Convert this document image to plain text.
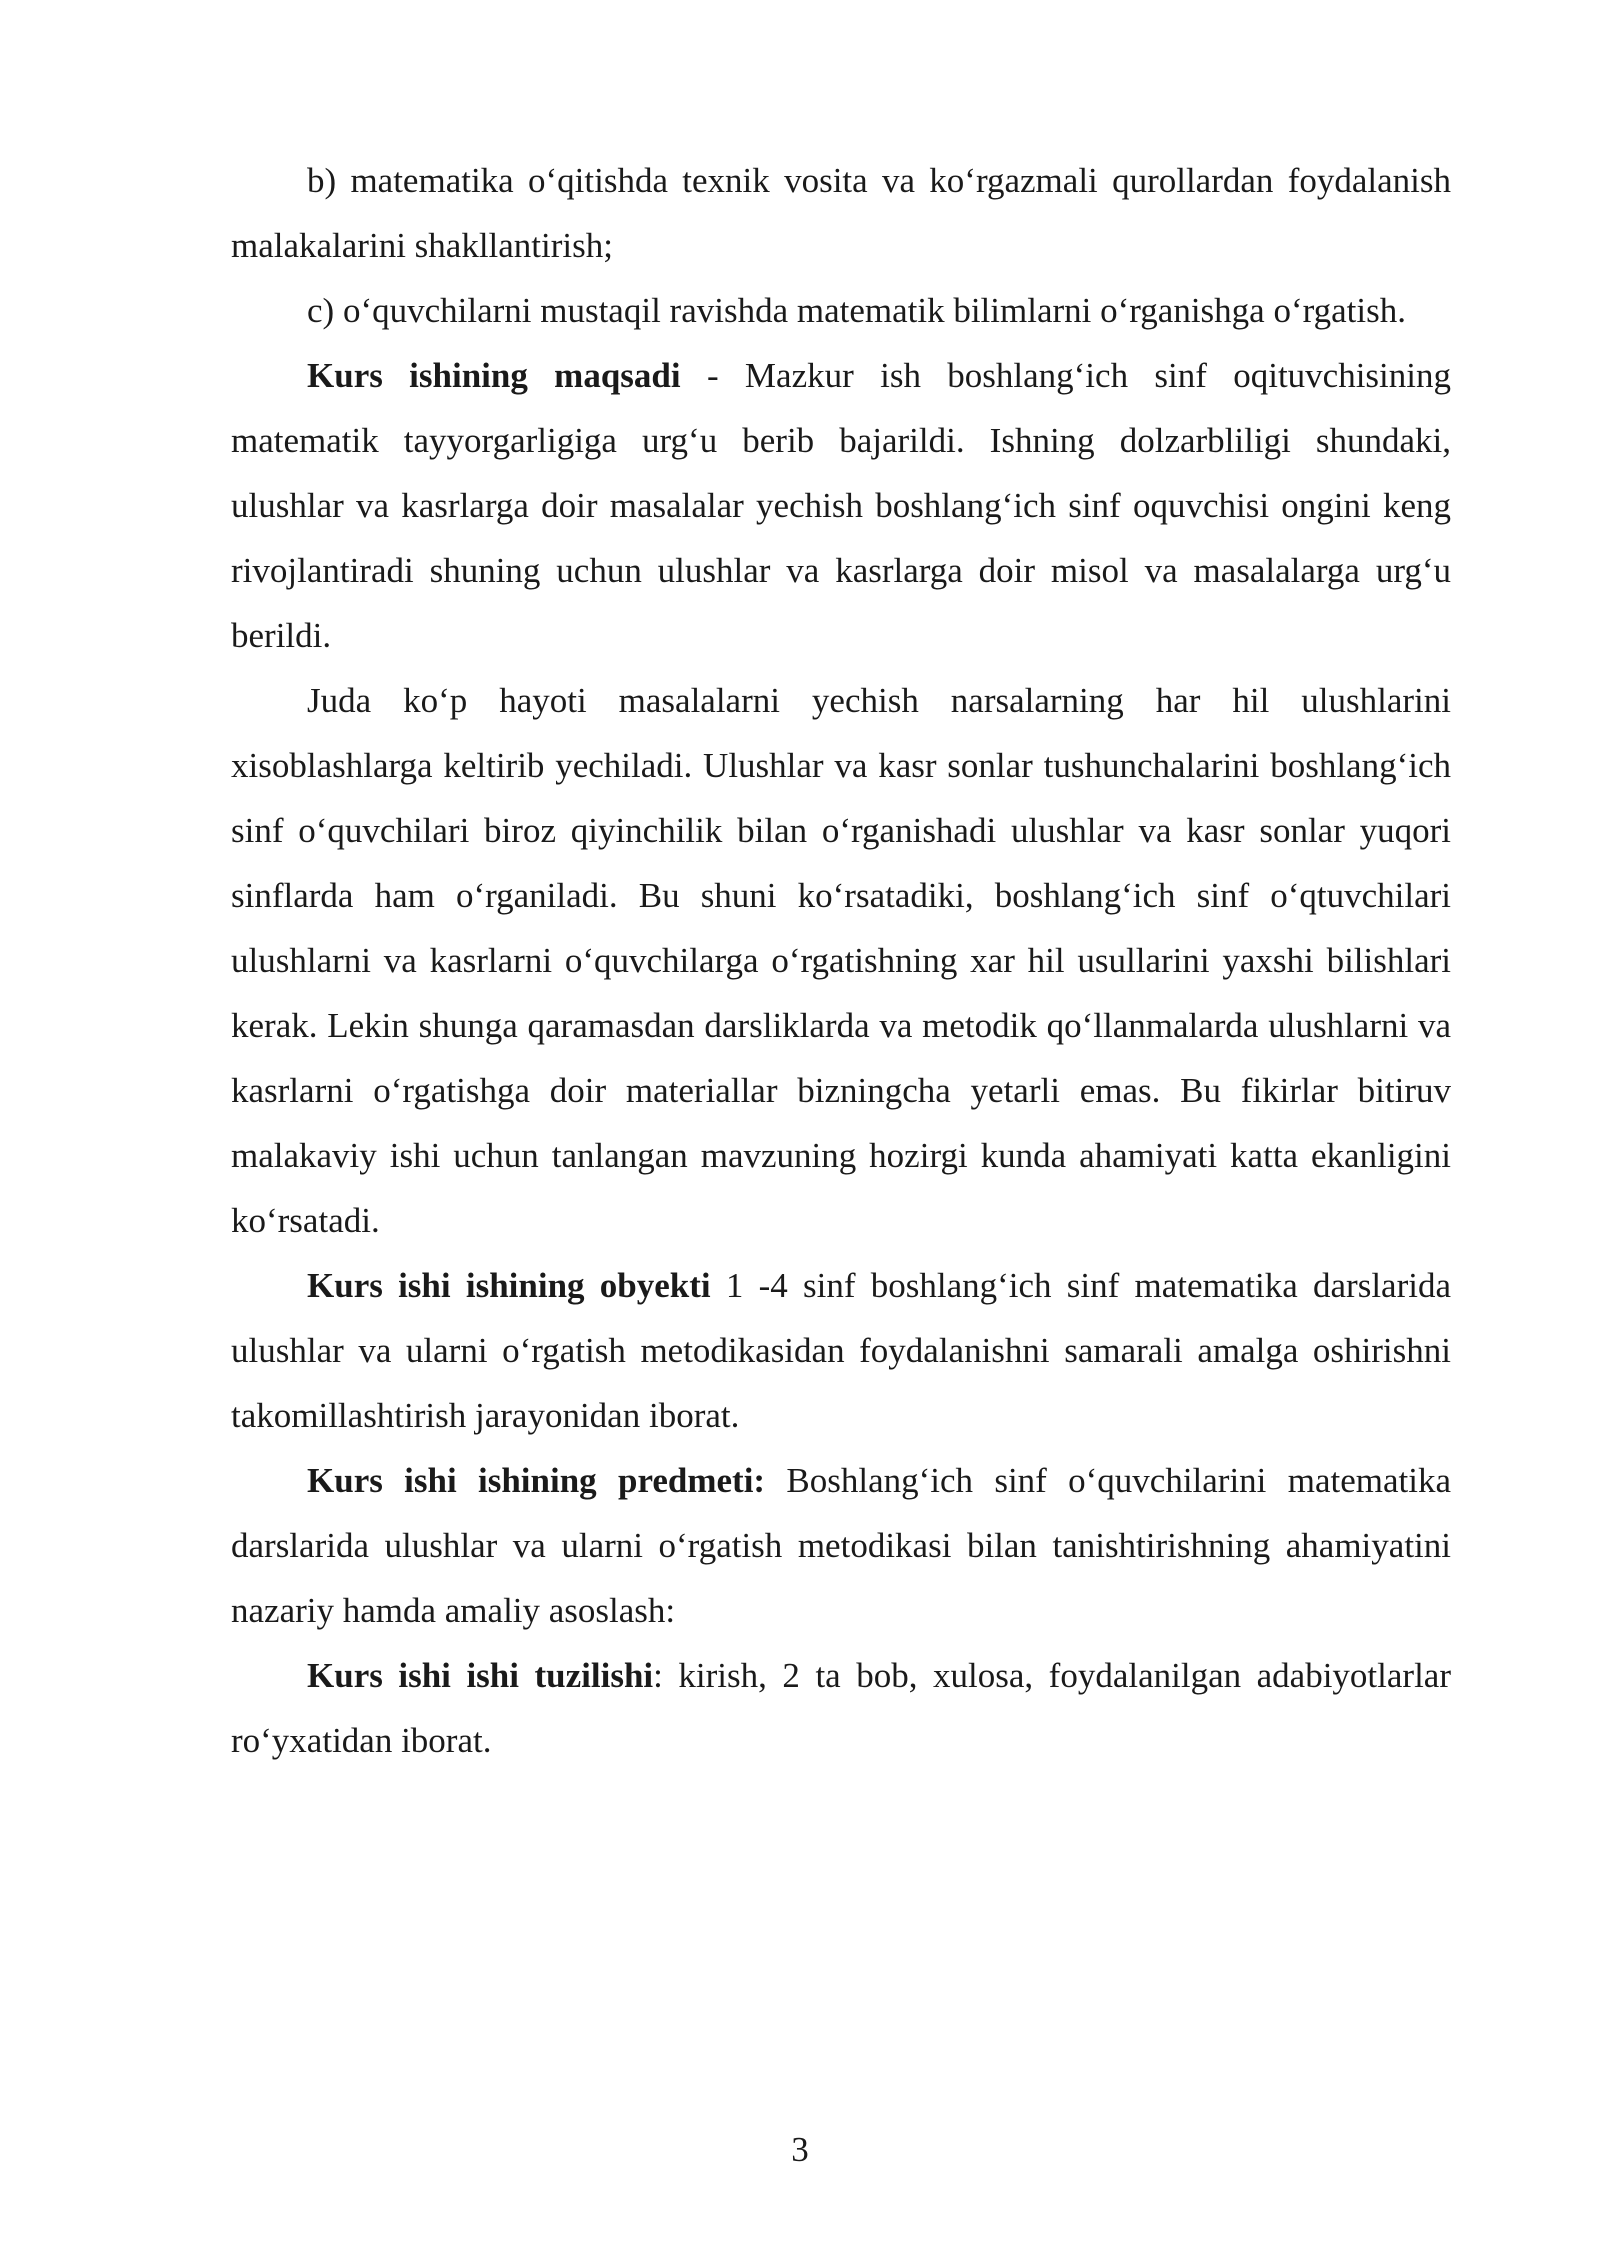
b) matematika o‘qitishda texnik vosita va ko‘rgazmali qurollardan foydalanish malakalarini shakllantirish;

c) o‘quvchilarni mustaqil ravishda matematik bilimlarni o‘rganishga o‘rgatish.

Kurs ishining maqsadi - Mazkur ish boshlang‘ich sinf oqituvchisining matematik tayyorgarligiga urg‘u berib bajarildi. Ishning dolzarbliligi shundaki, ulushlar va kasrlarga doir masalalar yechish boshlang‘ich sinf oquvchisi ongini keng rivojlantiradi shuning uchun ulushlar va kasrlarga doir misol va masalalarga urg‘u berildi.

Juda ko‘p hayoti masalalarni yechish narsalarning har hil ulushlarini xisoblashlarga keltirib yechiladi. Ulushlar va kasr sonlar tushunchalarini boshlang‘ich sinf o‘quvchilari biroz qiyinchilik bilan o‘rganishadi ulushlar va kasr sonlar yuqori sinflarda ham o‘rganiladi. Bu shuni ko‘rsatadiki, boshlang‘ich sinf o‘qtuvchilari ulushlarni va kasrlarni o‘quvchilarga o‘rgatishning xar hil usullarini yaxshi bilishlari kerak. Lekin shunga qaramasdan darsliklarda va metodik qo‘llanmalarda ulushlarni va kasrlarni o‘rgatishga doir materiallar bizningcha yetarli emas. Bu fikirlar bitiruv malakaviy ishi uchun tanlangan mavzuning hozirgi kunda ahamiyati katta ekanligini ko‘rsatadi.

Kurs ishi ishining obyekti 1 -4 sinf boshlang‘ich sinf matematika darslarida ulushlar va ularni o‘rgatish metodikasidan foydalanishni samarali amalga oshirishni takomillashtirish jarayonidan iborat.

Kurs ishi ishining predmeti: Boshlang‘ich sinf o‘quvchilarini matematika darslarida ulushlar va ularni o‘rgatish metodikasi bilan tanishtirishning ahamiyatini nazariy hamda amaliy asoslash:

Kurs ishi ishi tuzilishi: kirish, 2 ta bob, xulosa, foydalanilgan adabiyotlarlar ro‘yxatidan iborat.

3
